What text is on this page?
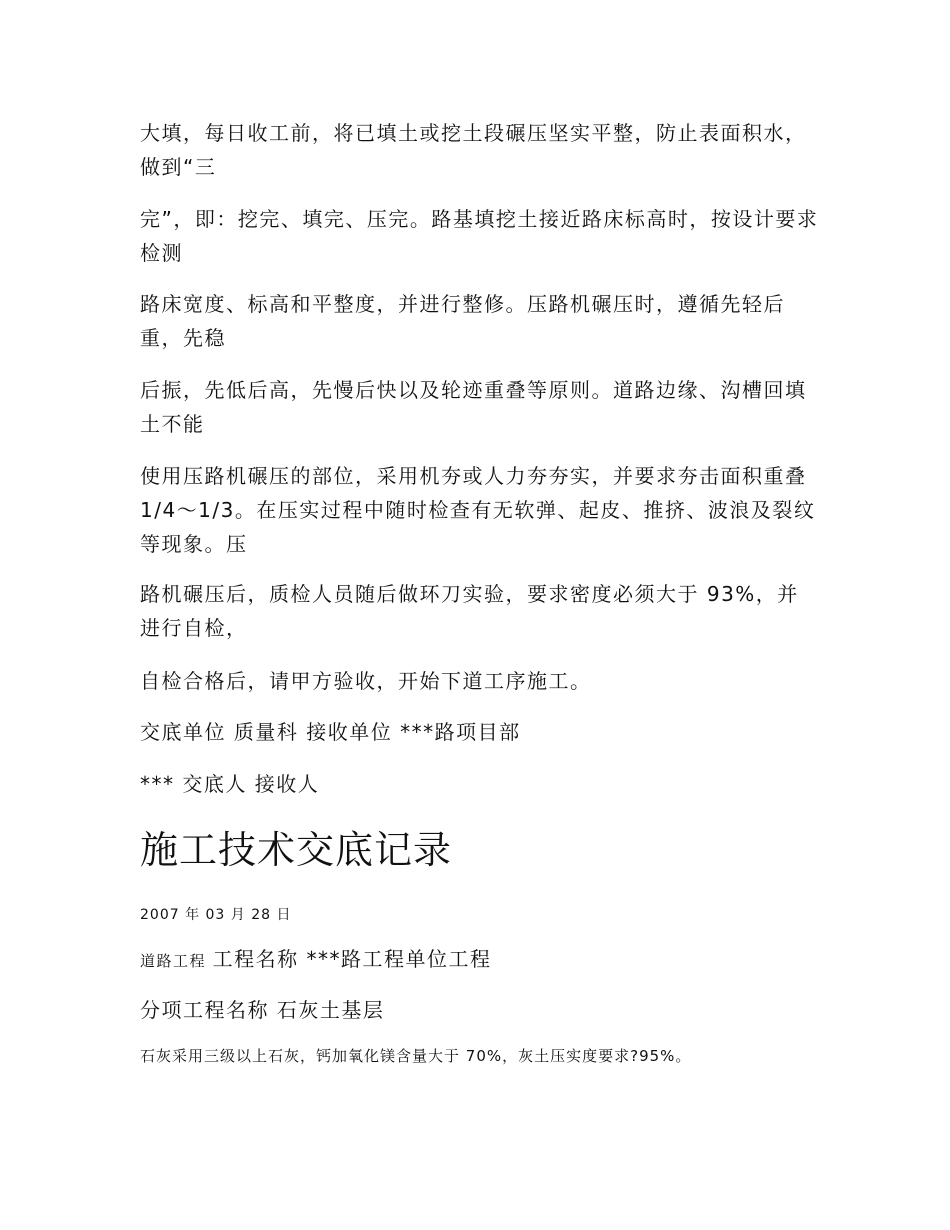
大填，每日收工前，将已填土或挖土段碾压坚实平整，防止表面积水，做到“三

完”，即：挖完、填完、压完。路基填挖土接近路床标高时，按设计要求检测

路床宽度、标高和平整度，并进行整修。压路机碾压时，遵循先轻后重，先稳

后振，先低后高，先慢后快以及轮迹重叠等原则。道路边缘、沟槽回填土不能

使用压路机碾压的部位，采用机夯或人力夯夯实，并要求夯击面积重叠 1/4～1/3。在压实过程中随时检查有无软弹、起皮、推挤、波浪及裂纹等现象。压

路机碾压后，质检人员随后做环刀实验，要求密度必须大于 93%，并进行自检，

自检合格后，请甲方验收，开始下道工序施工。

交底单位 质量科 接收单位 ***路项目部

*** 交底人 接收人

施工技术交底记录

2007 年 03 月 28 日

道路工程 工程名称 ***路工程单位工程

分项工程名称 石灰土基层

石灰采用三级以上石灰，钙加氧化镁含量大于 70%，灰土压实度要求?95%。
